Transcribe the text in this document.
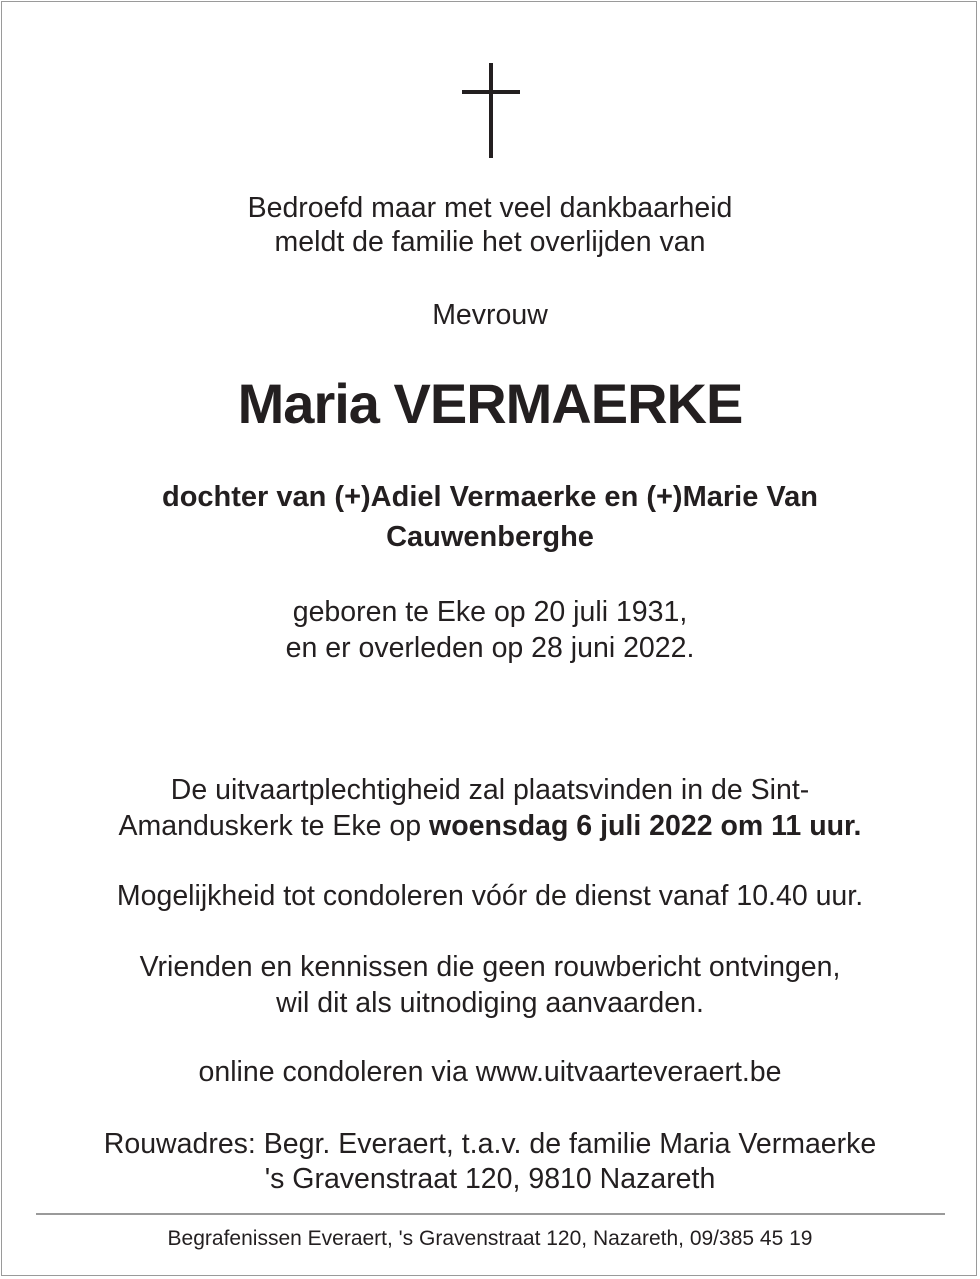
Bedroefd maar met veel dankbaarheid
meldt de familie het overlijden van
Mevrouw
Maria VERMAERKE
dochter van (+)Adiel Vermaerke en (+)Marie Van
Cauwenberghe
geboren te Eke op 20 juli 1931,
en er overleden op 28 juni 2022.
De uitvaartplechtigheid zal plaatsvinden in de Sint-
Amanduskerk te Eke op woensdag 6 juli 2022 om 11 uur.
Mogelijkheid tot condoleren vóór de dienst vanaf 10.40 uur.
Vrienden en kennissen die geen rouwbericht ontvingen,
wil dit als uitnodiging aanvaarden.
online condoleren via www.uitvaarteveraert.be
Rouwadres: Begr. Everaert, t.a.v. de familie Maria Vermaerke
's Gravenstraat 120, 9810 Nazareth
Begrafenissen Everaert, 's Gravenstraat 120, Nazareth, 09/385 45 19
